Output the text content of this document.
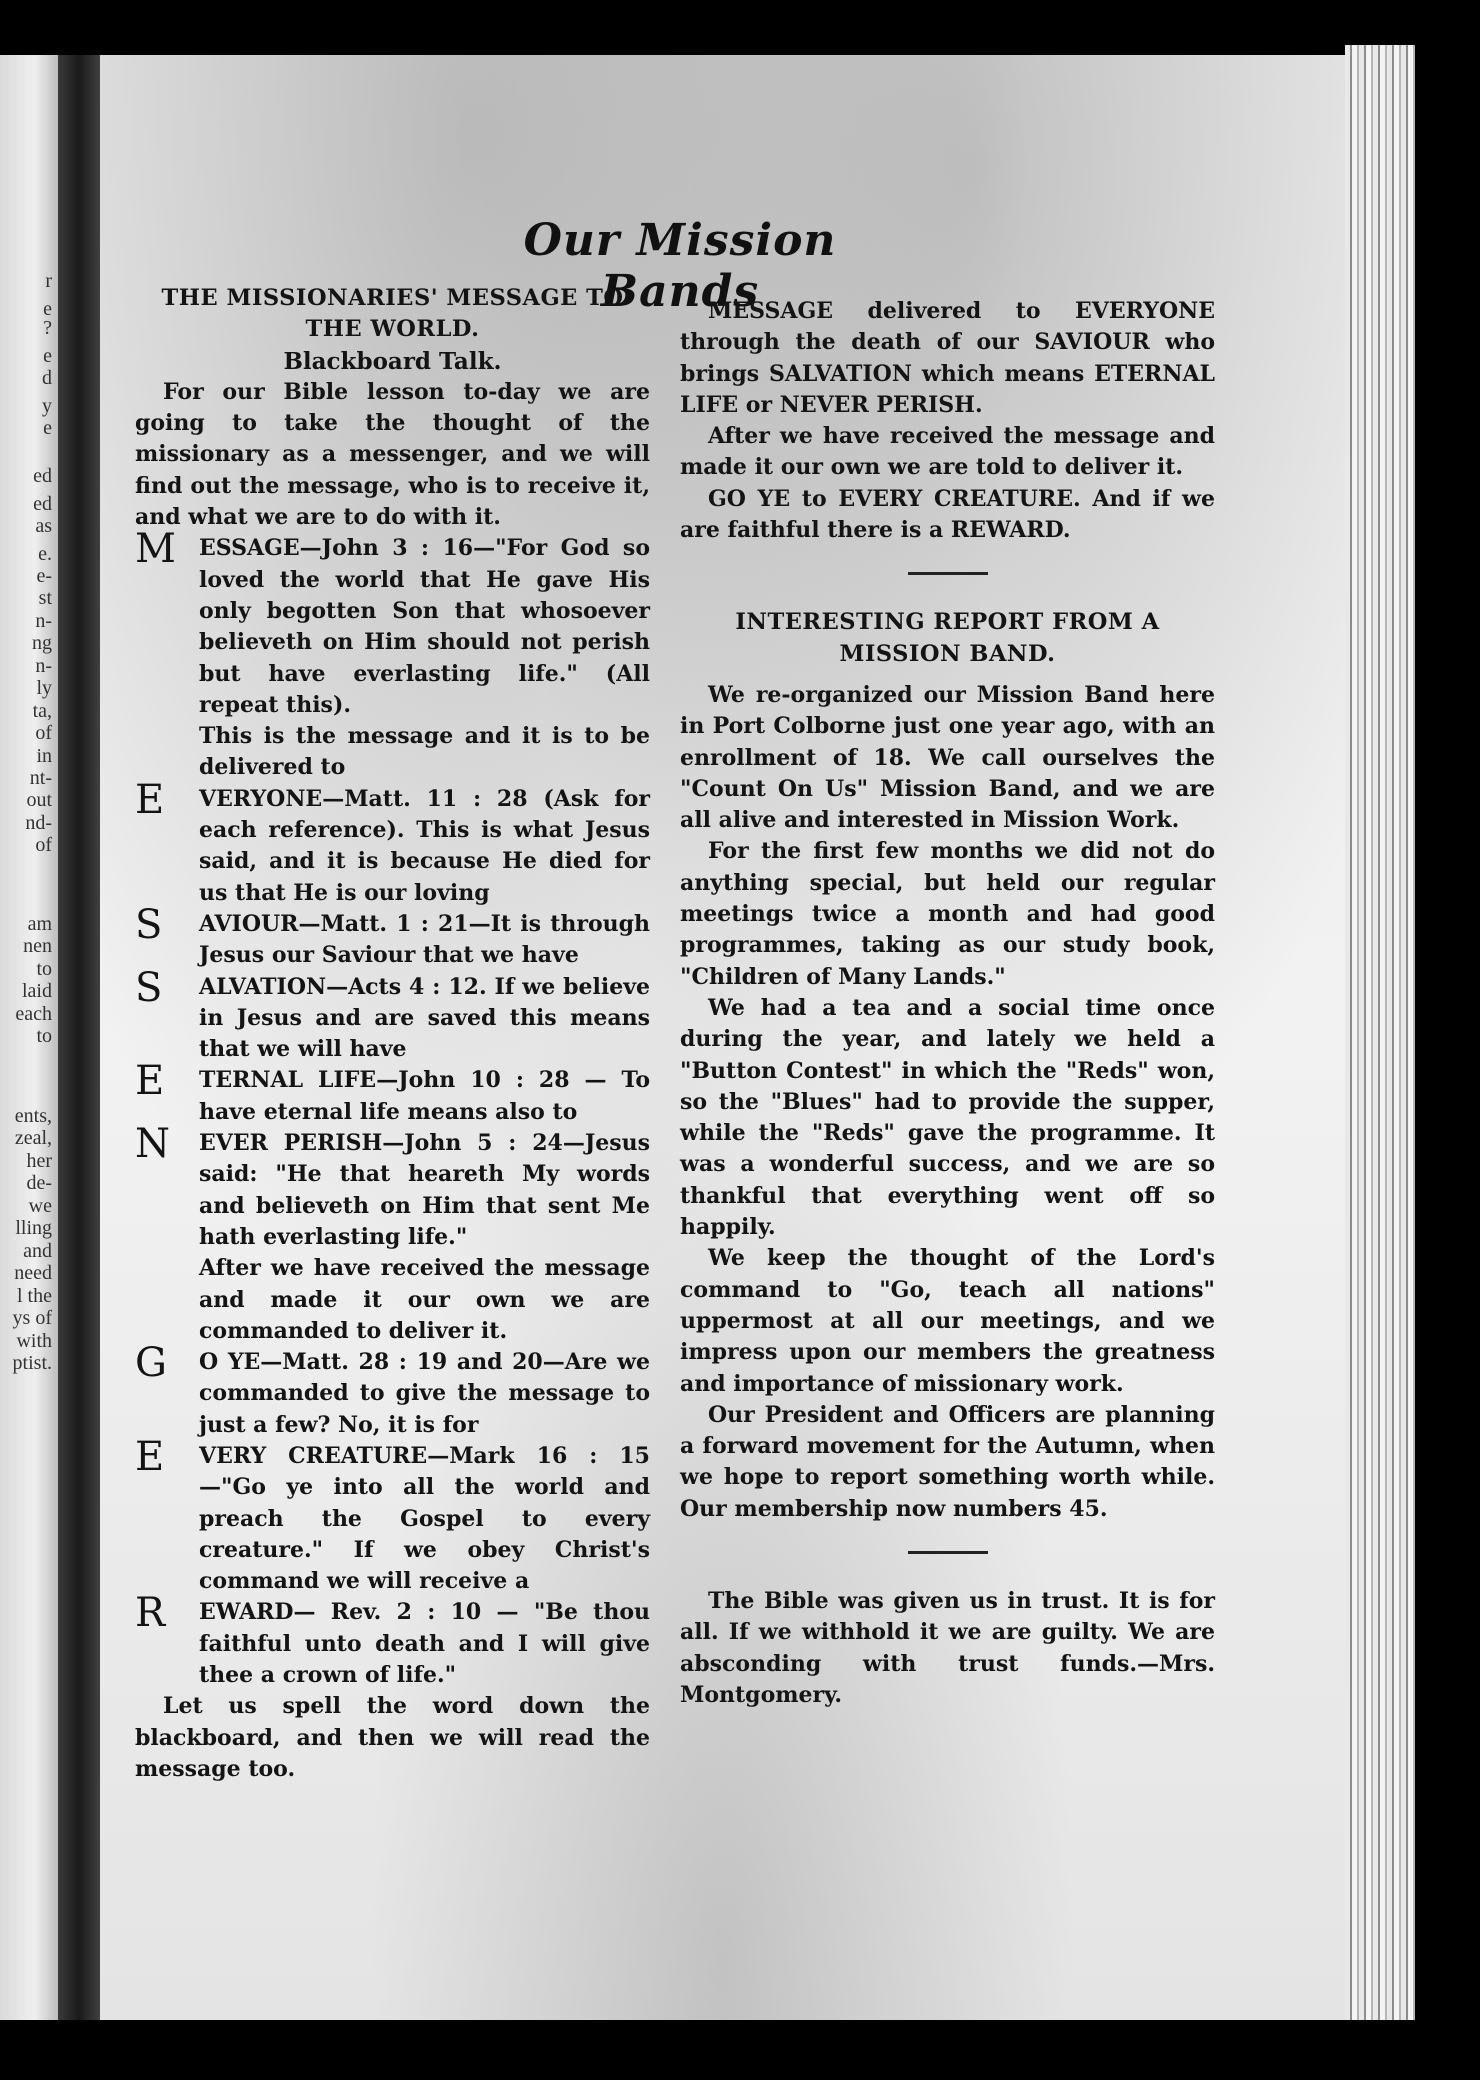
r
e
?
e
d
y
e
ed
ed
as
e.
e-
st
n-
ng
n-
ly
ta,
of
in
nt-
out
nd-
of
am
nen
to
laid
each
to
ents,
zeal,
her
de-
we
lling
and
need
l the
ys of
with
ptist.
Our Mission Bands

THE MISSIONARIES' MESSAGE TO

THE WORLD.

Blackboard Talk.

For our Bible lesson to-day we are going to take the thought of the missionary as a messenger, and we will find out the message, who is to receive it, and what we are to do with it.

M ESSAGE—John 3 : 16—"For God so loved the world that He gave His only begotten Son that whosoever believeth on Him should not perish but have everlasting life." (All repeat this).

This is the message and it is to be delivered to

E VERYONE—Matt. 11 : 28 (Ask for each reference). This is what Jesus said, and it is because He died for us that He is our loving

S AVIOUR—Matt. 1 : 21—It is through Jesus our Saviour that we have

S ALVATION—Acts 4 : 12. If we believe in Jesus and are saved this means that we will have

E TERNAL LIFE—John 10 : 28 — To have eternal life means also to

N EVER PERISH—John 5 : 24—Jesus said: "He that heareth My words and believeth on Him that sent Me hath everlasting life."

After we have received the message and made it our own we are commanded to deliver it.

G O YE—Matt. 28 : 19 and 20—Are we commanded to give the message to just a few? No, it is for

E VERY CREATURE—Mark 16 : 15—"Go ye into all the world and preach the Gospel to every creature." If we obey Christ's command we will receive a

R EWARD— Rev. 2 : 10 — "Be thou faithful unto death and I will give thee a crown of life."

Let us spell the word down the blackboard, and then we will read the message too.

MESSAGE delivered to EVERYONE through the death of our SAVIOUR who brings SALVATION which means ETERNAL LIFE or NEVER PERISH.

After we have received the message and made it our own we are told to deliver it.

GO YE to EVERY CREATURE. And if we are faithful there is a REWARD.

INTERESTING REPORT FROM A

MISSION BAND.

We re-organized our Mission Band here in Port Colborne just one year ago, with an enrollment of 18. We call ourselves the "Count On Us" Mission Band, and we are all alive and interested in Mission Work.

For the first few months we did not do anything special, but held our regular meetings twice a month and had good programmes, taking as our study book, "Children of Many Lands."

We had a tea and a social time once during the year, and lately we held a "Button Contest" in which the "Reds" won, so the "Blues" had to provide the supper, while the "Reds" gave the programme. It was a wonderful success, and we are so thankful that everything went off so happily.

We keep the thought of the Lord's command to "Go, teach all nations" uppermost at all our meetings, and we impress upon our members the greatness and importance of missionary work.

Our President and Officers are planning a forward movement for the Autumn, when we hope to report something worth while. Our membership now numbers 45.

The Bible was given us in trust. It is for all. If we withhold it we are guilty. We are absconding with trust funds.—Mrs. Montgomery.
